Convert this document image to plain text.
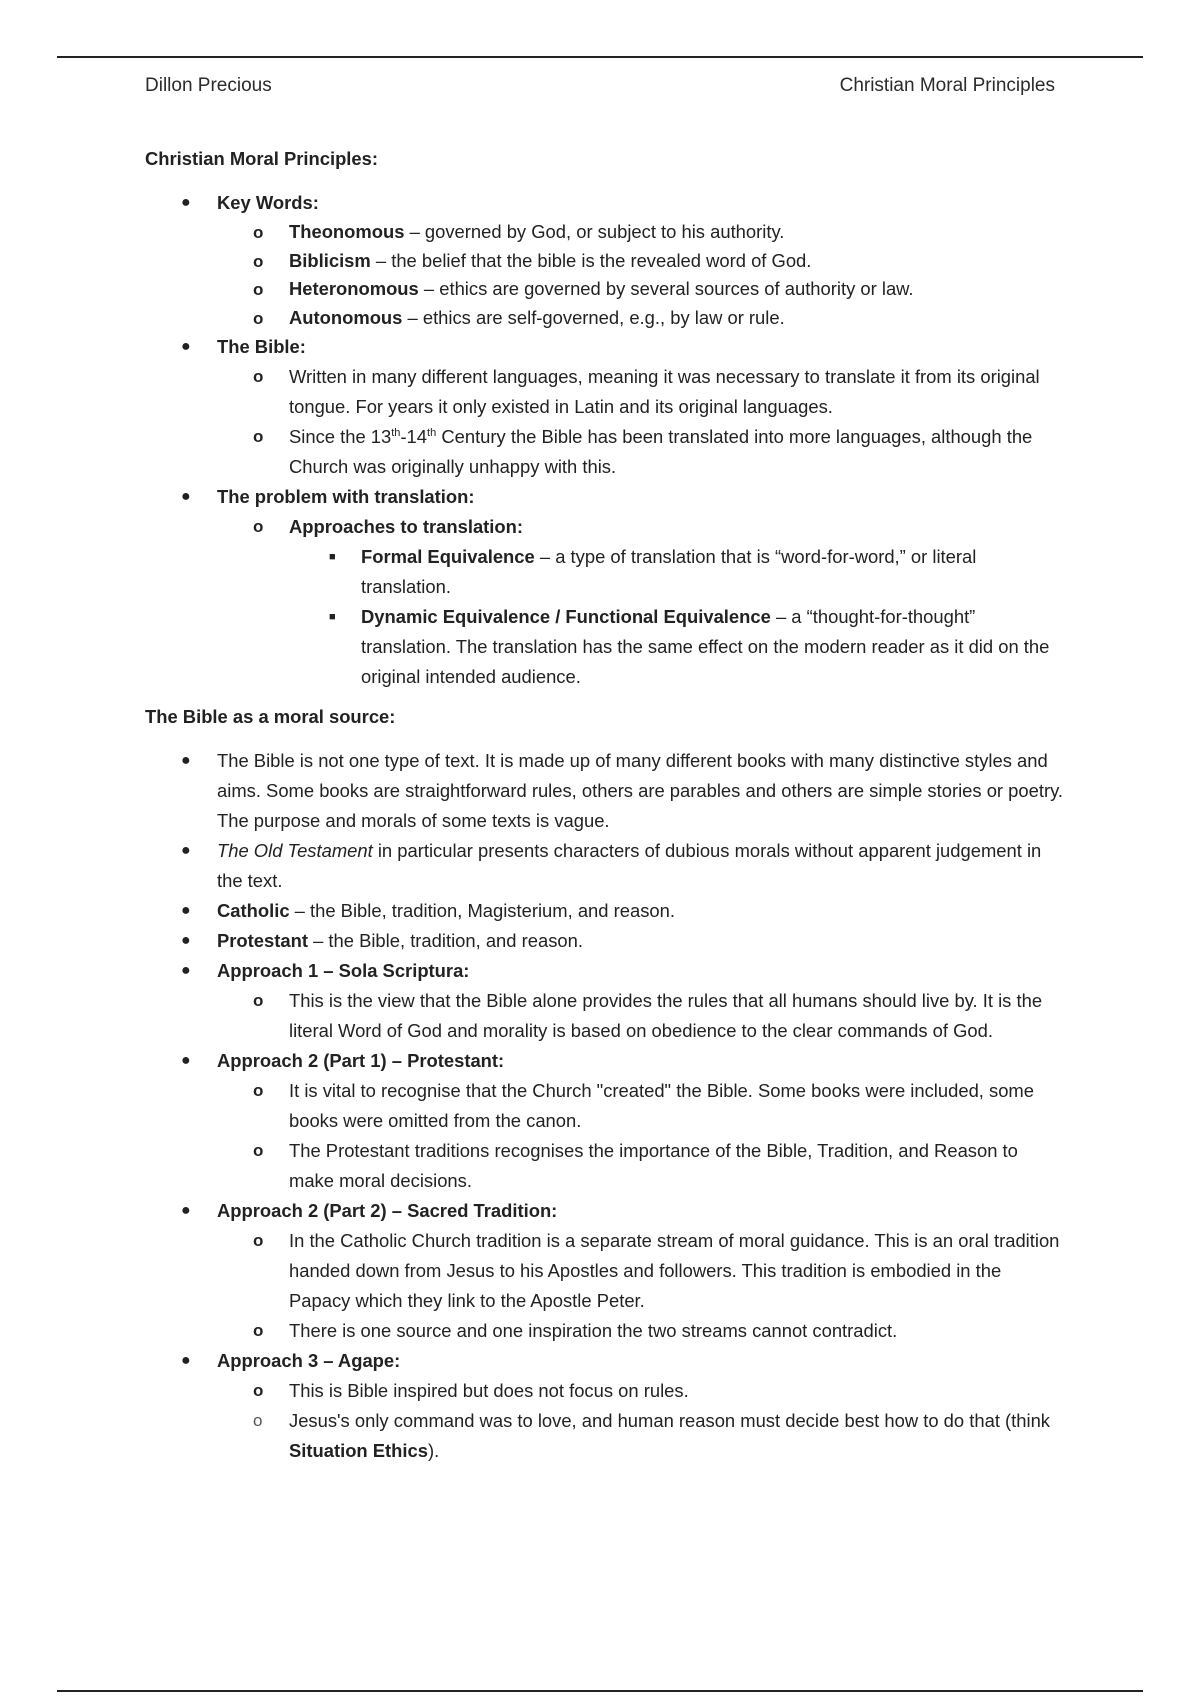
Dillon Precious	Christian Moral Principles

Christian Moral Principles:

● Key Words:
o Theonomous – governed by God, or subject to his authority.
o Biblicism – the belief that the bible is the revealed word of God.
o Heteronomous – ethics are governed by several sources of authority or law.
o Autonomous – ethics are self-governed, e.g., by law or rule.
● The Bible:
o Written in many different languages, meaning it was necessary to translate it from its original tongue. For years it only existed in Latin and its original languages.
o Since the 13th-14th Century the Bible has been translated into more languages, although the Church was originally unhappy with this.
● The problem with translation:
o Approaches to translation:
■ Formal Equivalence – a type of translation that is “word-for-word,” or literal translation.
■ Dynamic Equivalence / Functional Equivalence – a “thought-for-thought” translation. The translation has the same effect on the modern reader as it did on the original intended audience.

The Bible as a moral source:

● The Bible is not one type of text. It is made up of many different books with many distinctive styles and aims. Some books are straightforward rules, others are parables and others are simple stories or poetry. The purpose and morals of some texts is vague.
● The Old Testament in particular presents characters of dubious morals without apparent judgement in the text.
● Catholic – the Bible, tradition, Magisterium, and reason.
● Protestant – the Bible, tradition, and reason.
● Approach 1 – Sola Scriptura:
o This is the view that the Bible alone provides the rules that all humans should live by. It is the literal Word of God and morality is based on obedience to the clear commands of God.
● Approach 2 (Part 1) – Protestant:
o It is vital to recognise that the Church "created" the Bible. Some books were included, some books were omitted from the canon.
o The Protestant traditions recognises the importance of the Bible, Tradition, and Reason to make moral decisions.
● Approach 2 (Part 2) – Sacred Tradition:
o In the Catholic Church tradition is a separate stream of moral guidance. This is an oral tradition handed down from Jesus to his Apostles and followers. This tradition is embodied in the Papacy which they link to the Apostle Peter.
o There is one source and one inspiration the two streams cannot contradict.
● Approach 3 – Agape:
o This is Bible inspired but does not focus on rules.
o Jesus's only command was to love, and human reason must decide best how to do that (think Situation Ethics).
